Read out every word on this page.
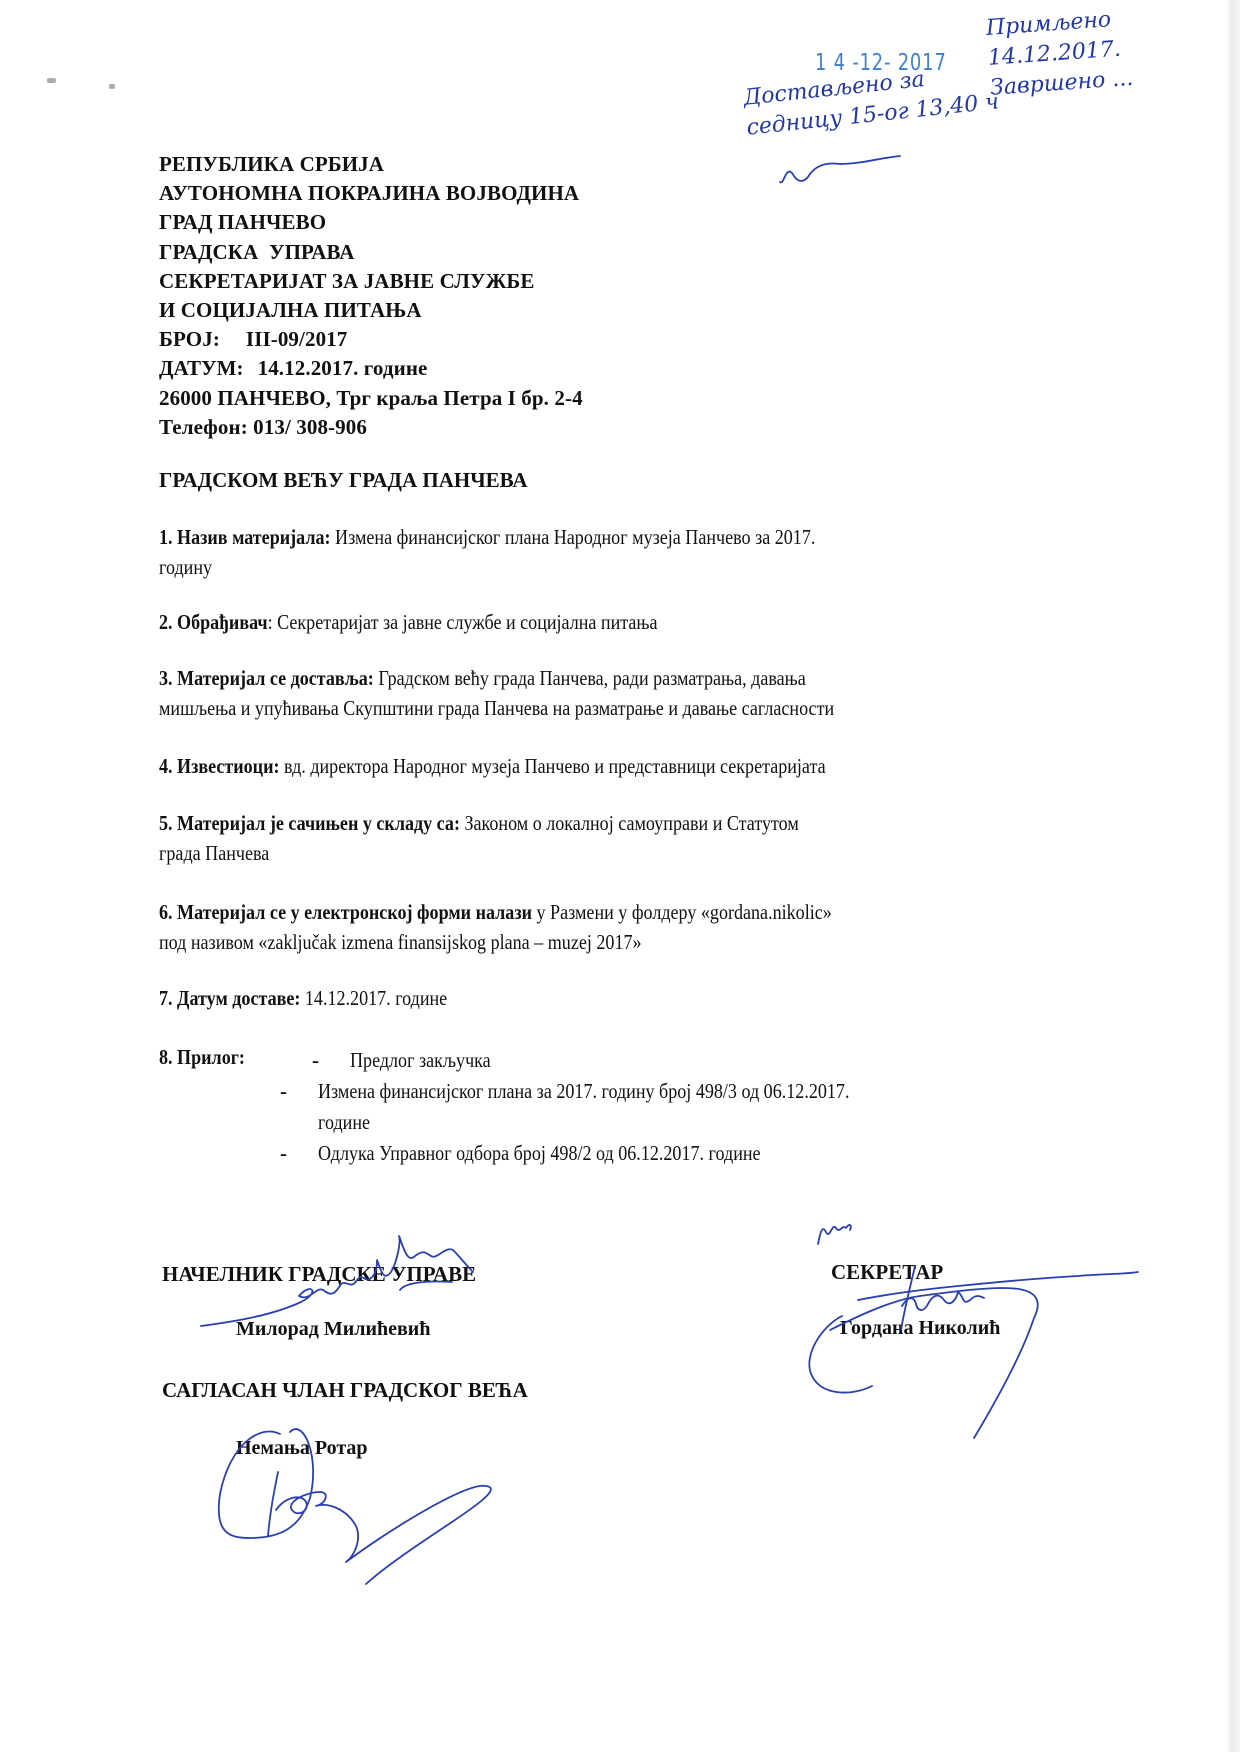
РЕПУБЛИКА СРБИЈА
АУТОНОМНА ПОКРАЈИНА ВОЈВОДИНА
ГРАД ПАНЧЕВО
ГРАДСКА  УПРАВА
СЕКРЕТАРИЈАТ ЗА ЈАВНЕ СЛУЖБЕ
И СОЦИЈАЛНА ПИТАЊА
БРОЈ: III-09/2017
ДАТУМ: 14.12.2017. године
26000 ПАНЧЕВО, Трг краља Петра I бр. 2-4
Телефон: 013/ 308-906
ГРАДСКОМ ВЕЋУ ГРАДА ПАНЧЕВА
1. Назив материјала: Измена финансијског плана Народног музеја Панчево за 2017.
годину
2. Обрађивач: Секретаријат за јавне службе и социјална питања
3. Материјал се доставља: Градском већу града Панчева, ради разматрања, давања
мишљења и упућивања Скупштини града Панчева на разматрање и давање сагласности
4. Известиоци: вд. директора Народног музеја Панчево и представници секретаријата
5. Материјал је сачињен у складу са: Законом о локалној самоуправи и Статутом
града Панчева
6. Материјал се у електронској форми налази у Размени у фолдеру «gordana.nikolic»
под називом «zaključak izmena finansijskog plana – muzej 2017»
7. Датум доставе: 14.12.2017. године
8. Прилог:	- Предлог закључка
- Измена финансијског плана за 2017. годину број 498/3 од 06.12.2017.
године
- Одлука Управног одбора број 498/2 од 06.12.2017. године
НАЧЕЛНИК ГРАДСКЕ УПРАВЕ
Милорад Милићевић
СЕКРЕТАР
Гордана Николић
САГЛАСАН ЧЛАН ГРАДСКОГ ВЕЋА
Немања Ротар
1 4 -12- 2017
Достављено за седницу 15-ог 13,40 ч
Примљено 14.12.2017. Завршено ...
